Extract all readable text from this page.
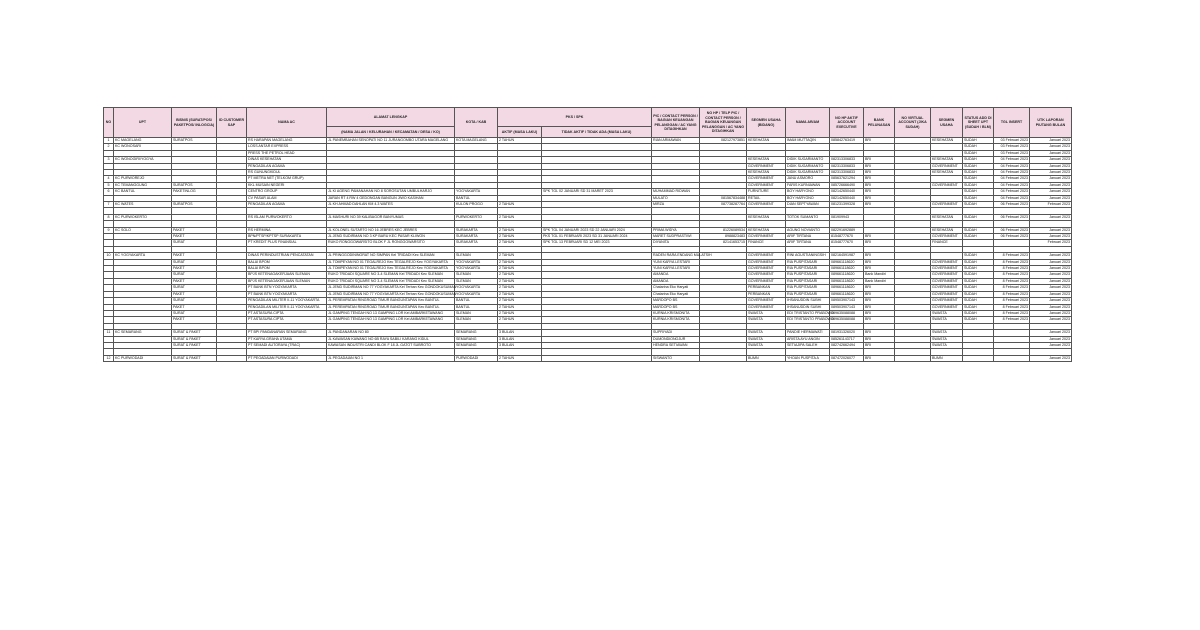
NO	UPT	BISNIS (SURAT/POS/ PAKETPOS/ INLOGCIA)	ID CUSTOMER SAP	NAMA AC	ALAMAT LENGKAP	KOTA / KAB	PKS / SPK		PIC / CONTACT PERSON / BAGIAN KEUANGAN PELANGGAN / AC YANG DITAGIHKAN	NO HP / TELP PIC / CONTACT PERSON / BAGIAN KEUANGAN PELANGGAN / AC YANG DITAGIHKAN	SEGMEN USAHA (BIDANG)	NAMA AR/AM	NO HP AKTIF ACCOUNT EXECUTIVE	BANK PELUNASAN	NO VIRTUAL ACCOUNT (JIKA SUDAH)	SEGMEN USAHA	STATUS ADD DI SHEET UPT (SUDAH / BLM)	TGL INSERT	UTK LAPORAN PIUTANG BULAN
					(NAMA JALAN / KELURAHAN / KECAMATAN / DESA / KO)		AKTIF (MASA LAKU)	TIDAK AKTIF / TIDAK ADA (MASA LAKU)											
1	KC MAGELANG	SURATPOS		RS HARAPAN MAGELANG	JL PANEMBAHAN SENOPATI NO 11 JURANGOMBO UTARA MAGELANG	KOTA MAGELANG	2 TAHUN		RIAN ARMAWAN	082127973851	KESEHATAN	IMAM MUTTAQIN	085842763419	BRI		KESEHATAN	SUDAH	03 Februari 2023	Januari 2023
2	KC WONOSARI			LOSS ANTAR EXPRESS													SUDAH	03 Februari 2023	Januari 2023
				PRESS THE PETROL HEAD													SUDAH	03 Februari 2023	Januari 2023
3	KC WONOGIRI/YOGYA			DINAS KESEHATAN							KESEHATAN	DIDIK SUGARMANTO	082313306833	BRI		KESEHATAN	SUDAH	04 Februari 2023	Januari 2023
				PENGADILAN AGAMA							GOVERNMENT	DIDIK SUGARMANTO	082313306833	BRI		GOVERNMENT	SUDAH	04 Februari 2023	Januari 2023
				RS GUNUNGKIDUL							KESEHATAN	DIDIK SUGARMANTO	082313306833	BRI		KESEHATAN	SUDAH	04 Februari 2023	Januari 2023
4	KC PURWOREJO			PT METRA NET (TELKOM GRUP)							GOVERNMENT	JANU ASMORO	085637621294	BRI			SUDAH	04 Februari 2023	Januari 2023
5	KC TEMANGGUNG	SURATPOS		KKL MUSAIN NEGERI							GOVERNMENT	FARIS KURNIAWAN	085726666490	BRI		GOVERNMENT	SUDAH	04 Februari 2023	Januari 2023
6	KC BANTUL	PAKETINLOG		CENTRO GROUP	JL KI AGENG PAMANAHAN NO 8 SOROSUTAN UMBULHARJO	YOGYAKARTA		SPK TGL 02 JANUARI SD 31 MARET 2023	MUHAMMAD RIDWAN		FURNITURE	BOY HARYONO	082142650440	BRI			SUDAH	04 Februari 2023	Januari 2023
				CV PASAR ALAM	JARAN RT 4 RW 4 GEDONGAN BANGUN JIWO KASIHAN	BANTUL			MULATO	081567834488	RETAIL	BOY HARYONO	082142650440	BRI			SUDAH	04 Februari 2023	Januari 2023
7	KC WATES	SURATPOS		PENGADILAN AGAMA	JL KH AHMAD DAHLAN KM 4.3 WATES	KULON PROGO	2 TAHUN		MIRZA	087738287764	GOVERNMENT	DIAN SEPTYAWAN	081231399328	BRI		GOVERNMENT	SUDAH	06 Februari 2023	Februari 2023

8	KC PURWOKERTO			RS ISLAM PURWOKERTO	JL MASHURI NO 39 KALIBAGOR BANYUMAS	PURWOKERTO	2 TAHUN				KESEHATAN	TOTOK SUMANTO	081909943			KESEHATAN	SUDAH	06 Februari 2023	Januari 2023

9	KC SOLO	PAKET		RS HERMINA	JL KOLONEL SUTARTO NO 16 JEBRES KEC JEBRES	SURAKARTA	2 TAHUN	SPK TGL 04 JANUARI 2023 SD 22 JANUARI 2024	PRIMA WIDYA	81226089534	KESEHATAN	AGUNG NOVIANTO	082291692889			KESEHATAN	SUDAH	06 Februari 2023	Januari 2023
		PAKET		BPN/PTSP/KPTSP SURAKARTA	JL JEND SUDIRMAN NO 3 KP BARU KEC PASAR KLIWON	SURAKARTA	2 TAHUN	PKS TGL 01 FEBRUARI 2023 SD 31 JANUARI 2024	MARET SUDPRASTIWI	8988823483	GOVERNMENT	ARIF TIRTANA	81548777670	BRI		GOVERNMENT	SUDAH	06 Februari 2023	Januari 2023
		SURAT		PT KREDIT PLUS FINANSIAL	RUKO RONGGOWARSITO BLOK F JL RONGGOWARSITO	SURAKARTA	2 TAHUN	SPK TGL 13 FEBRUARI SD 12 MEI 2023	DIYANITA	82141653715	FINANCE	ARIF TIRTANA	81548777670	BRI		FINANCE			Februari 2023

10	KC YOGYAKARTA	PAKET		DINAS PERINDUSTRIAN PENCATATAN	JL PRINGGODININGRAT NO SIMPAN Kel TRIDADI Kec SLEMAN	SLEMAN	2 TAHUN		RADEN RARA ENDANG MULATSIH		GOVERNMENT	RINI AGUSTIANINGSIH	082164591987	BRI			SUDAH	8 Februari 2023	Januari 2023
		SURAT		BALAI BPOM	JL TOMPEYAN NO 01 TEGALREJO Kec TEGALREJO Kec YOGYAKARTA	YOGYAKARTA	2 TAHUN		YUNI KARYA LESTARI		GOVERNMENT	RIA PUSPITASARI	089661118620	BRI		GOVERNMENT	SUDAH	8 Februari 2023	Januari 2023
		PAKET		BALAI BPOM	JL TOMPEYAN NO 01 TEGALREJO Kec TEGALREJO Kec YOGYAKARTA	YOGYAKARTA	2 TAHUN		YUNI KARYA LESTARI		GOVERNMENT	RIA PUSPITASARI	089661118620	BRI		GOVERNMENT	SUDAH	8 Februari 2023	Januari 2023
		SURAT		BPJS KETENAGAKERJAAN SLEMAN	RUKO TRIDADI SQUARE NO 3-4 SLEMAN Kel TRIDADI Kec SLEMAN	SLEMAN	2 TAHUN		AMANDA		GOVERNMENT	RIA PUSPITASARI	089661118620	Bank Mandiri		GOVERNMENT	SUDAH	8 Februari 2023	Januari 2023
		PAKET		BPJS KETENAGAKERJAAN SLEMAN	RUKO TRIDADI SQUARE NO 3-4 SLEMAN Kel TRIDADI Kec SLEMAN	SLEMAN	2 TAHUN		AMANDA		GOVERNMENT	RIA PUSPITASARI	089661118620	Bank Mandiri		GOVERNMENT	SUDAH	8 Februari 2023	Januari 2023
		SURAT		PT BANK BTN YOGYAKARTA	JL JEND SUDIRMAN NO 77 YOGYAKARTA Kel Terban Kec GONDOKUSUMAN	YOGYAKARTA	2 TAHUN		Chatarina Eko Haryati		PERBANKAN	RIA PUSPITASARI	089661118620	BRI		GOVERNMENT	SUDAH	8 Februari 2023	Januari 2023
		PAKET		PT BANK BTN YOGYAKARTA	JL JEND SUDIRMAN NO 77 YOGYAKARTA Kel Terban Kec GONDOKUSUMAN	YOGYAKARTA	2 TAHUN		Chatarina Eko Haryati		PERBANKAN	RIA PUSPITASARI	089661118620	BRI		GOVERNMENT	SUDAH	8 Februari 2023	Januari 2023
		SURAT		PENGADILAN MILITER II-11 YOGYAKARTA	JL PEREMPATAN RINGROAD TIMUR BANGUNTAPAN Kec BANTUL	BANTUL	2 TAHUN		MARDOPO BS		GOVERNMENT	IHSANUDDIN SUBHI	089503907143	BRI		GOVERNMENT	SUDAH	8 Februari 2023	Januari 2023
		PAKET		PENGADILAN MILITER II-11 YOGYAKARTA	JL PEREMPATAN RINGROAD TIMUR BANGUNTAPAN Kec BANTUL	BANTUL	2 TAHUN		MARDOPO BS		GOVERNMENT	IHSANUDDIN SUBHI	089503907143	BRI		GOVERNMENT	SUDAH	8 Februari 2023	Januari 2023
		SURAT		PT ASTASURA CIPTA	JL GAMPING TENGAH NO 13 GAMPING LOR Kel AMBARKETAWANG	SLEMAN	2 TAHUN		KURNIA KRISMONITA		SWASTA	EDI TRISTANTO PRABOWO	089635088088	BRI		SWASTA	SUDAH	8 Februari 2023	Januari 2023
		PAKET		PT ASTASURA CIPTA	JL GAMPING TENGAH NO 13 GAMPING LOR Kel AMBARKETAWANG	SLEMAN	2 TAHUN		KURNIA KRISMONITA		SWASTA	EDI TRISTANTO PRABOWO	089635088088	BRI		SWASTA	SUDAH	8 Februari 2023	Januari 2023

11	KC SEMARANG	SURAT & PAKET		PT BPI PANDANARAN SEMARANG	JL PANDANARAN NO 80	SEMARANG	3 BULAN		SUPRIYADI		SWASTA	PANDIE HERMAWATI	081931326020	BRI		SWASTA			Januari 2023
		SURAT & PAKET		PT KARYA GRAHA UTAMA	JL KAWASAN KAWANG NO 6B RAYA SABILI KARANG KIDUL	SEMARANG	3 BULAN		DUMONDIONOJUR		SWASTA	ARISTA AYU ANGIN	085261143717	BRI		SWASTA			Januari 2023
		SURAT & PAKET		PT SEMADI AUTORAYA (TRAC)	KAWASAN INDUSTRI CANDI BLOK F 18 JL GATOT SUBROTO	SEMARANG	3 BULAN		HENDRA SETIAWAN		SWASTA	SETIAJIPA SALEH	082742662494	BRI		SWASTA			Januari 2023

12	KC PURWODADI	SURAT & PAKET		PT PEGADAIAN PURWODADI	JL PEGADAIAN NO 1	PURWODADI	2 TAHUN		SISWANTO		BUMN	YHOAN PUSPITA A	087472026077	BRI		BUMN			Januari 2023
